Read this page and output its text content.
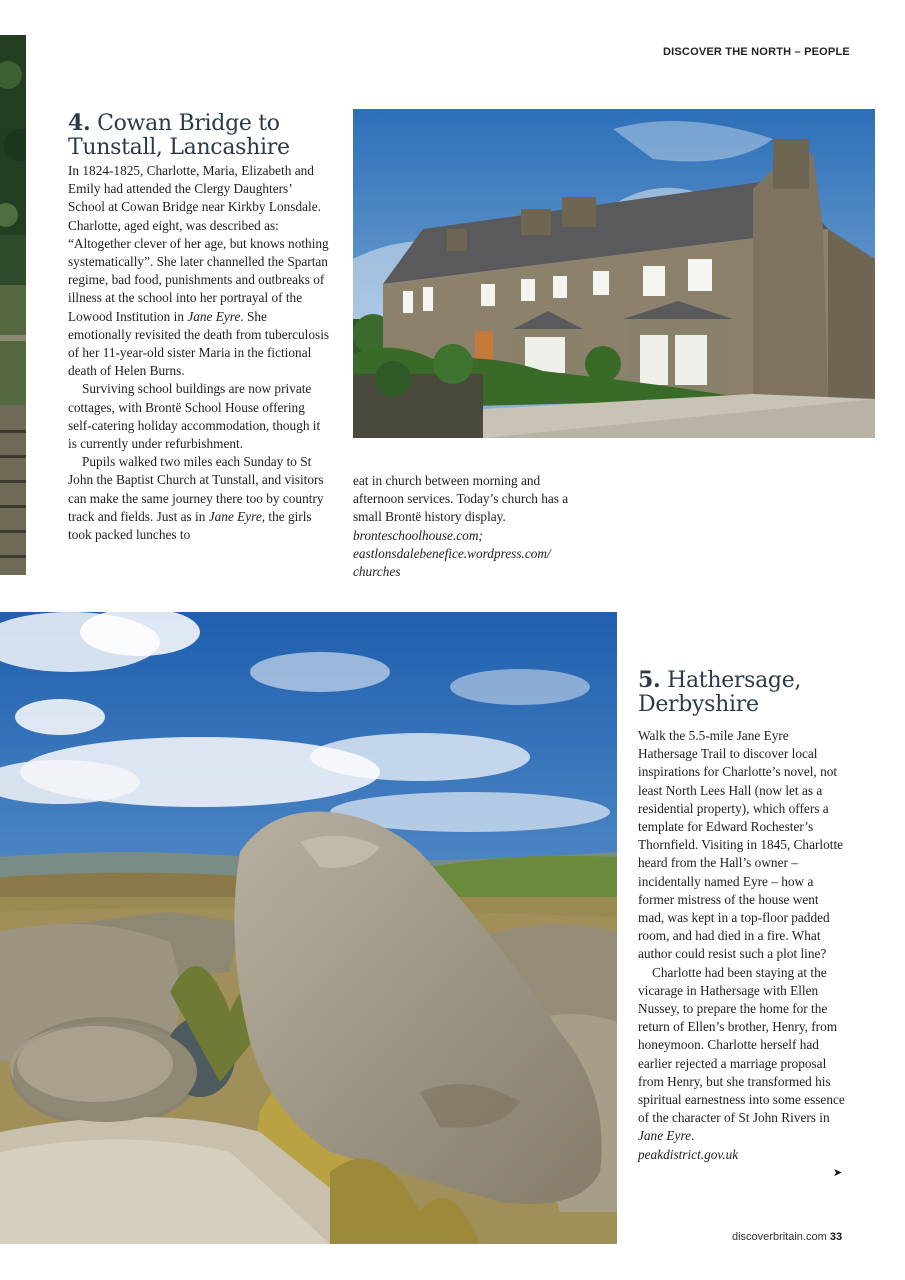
DISCOVER THE NORTH – PEOPLE
4. Cowan Bridge to
Tunstall, Lancashire

In 1824-1825, Charlotte, Maria, Elizabeth and Emily had attended the Clergy Daughters’ School at Cowan Bridge near Kirkby Lonsdale. Charlotte, aged eight, was described as: “Altogether clever of her age, but knows nothing systematically”. She later channelled the Spartan regime, bad food, punishments and outbreaks of illness at the school into her portrayal of the Lowood Institution in Jane Eyre. She emotionally revisited the death from tuberculosis of her 11-year-old sister Maria in the fictional death of Helen Burns.

Surviving school buildings are now private cottages, with Brontë School House offering self-catering holiday accommodation, though it is currently under refurbishment.

Pupils walked two miles each Sunday to St John the Baptist Church at Tunstall, and visitors can make the same journey there too by country track and fields. Just as in Jane Eyre, the girls took packed lunches to

eat in church between morning and afternoon services. Today’s church has a small Brontë history display.

bronteschoolhouse.com; eastlonsdalebenefice.wordpress.com/ churches

5. Hathersage,
Derbyshire

Walk the 5.5-mile Jane Eyre Hathersage Trail to discover local inspirations for Charlotte’s novel, not least North Lees Hall (now let as a residential property), which offers a template for Edward Rochester’s Thornfield. Visiting in 1845, Charlotte heard from the Hall’s owner – incidentally named Eyre – how a former mistress of the house went mad, was kept in a top-floor padded room, and had died in a fire. What author could resist such a plot line?

Charlotte had been staying at the vicarage in Hathersage with Ellen Nussey, to prepare the home for the return of Ellen’s brother, Henry, from honeymoon. Charlotte herself had earlier rejected a marriage proposal from Henry, but she transformed his spiritual earnestness into some essence of the character of St John Rivers in Jane Eyre.

peakdistrict.gov.uk

➤
discoverbritain.com 33
